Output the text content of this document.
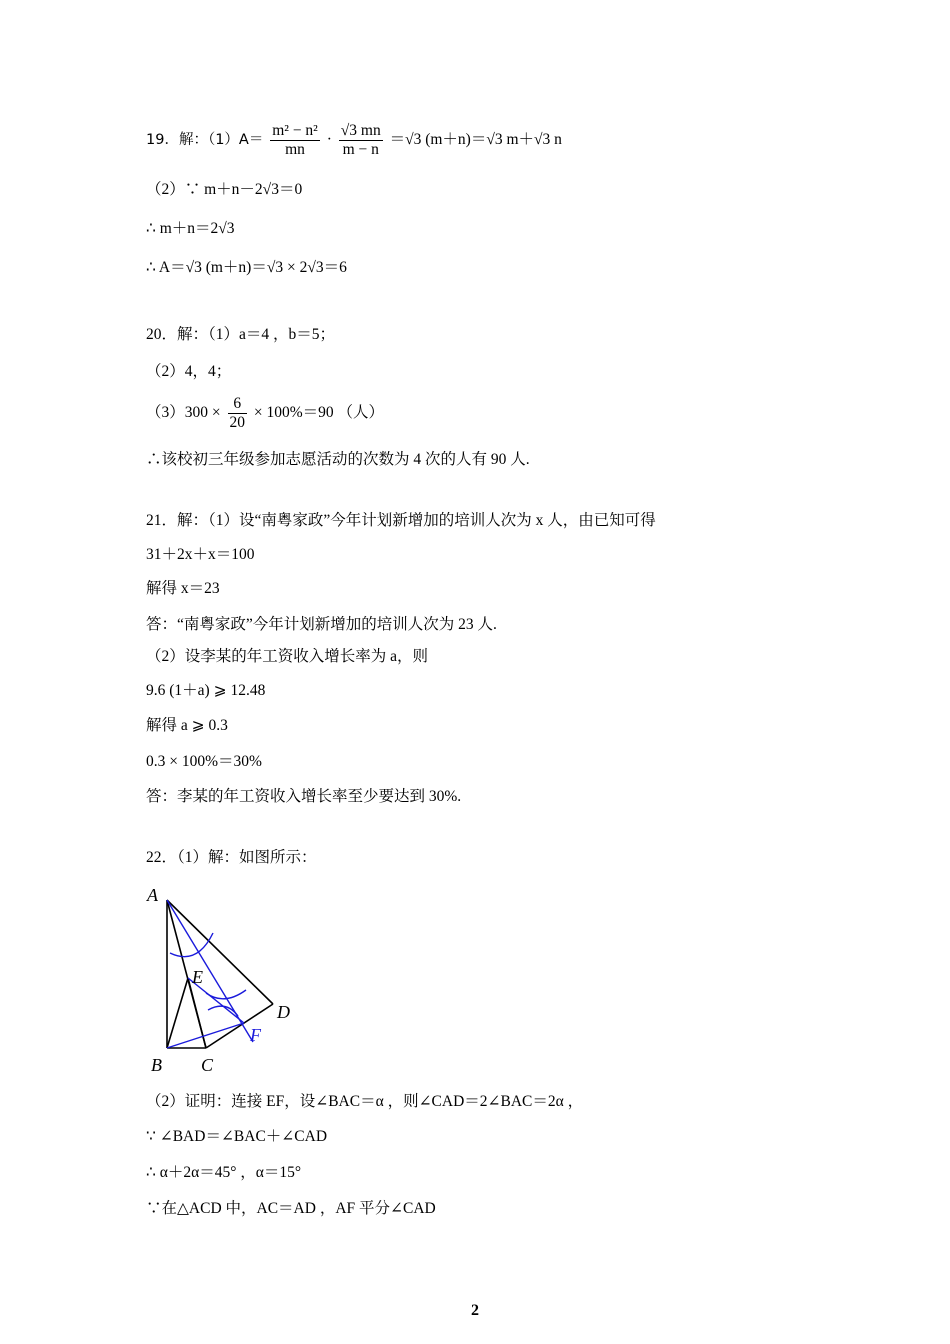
19．解：$(1)A= \frac{\text{m² − n²}}{mn} \cdot \frac{√3 mn}{m - n} =√3$ (m＋n)＝√3 m＋√3 n
（2）∵ m＋n－2√3＝0
∴ m＋n＝2√3
∴ A＝√3 (m＋n)＝√3 × 2√3＝6
20．解：（1）a＝4 ，b＝5；
（2）4，4；
$(3)300 \times \frac{6}{20} \times 100\%=90$ （人）
∴该校初三年级参加志愿活动的次数为 4 次的人有 90 人.
21．解：（1）设“南粤家政”今年计划新增加的培训人次为 x 人，由已知可得
31＋2x＋x＝100
解得 x＝23
答：“南粤家政”今年计划新增加的培训人次为 23 人.
（2）设李某的年工资收入增长率为 a，则
9.6 (1＋a) ⩾ 12.48
解得 a ⩾ 0.3
0.3 × 100%＝30%
答：李某的年工资收入增长率至少要达到 30%.
22．（1）解：如图所示：
A
B C
D
E
F
（2）证明：连接 EF，设∠BAC＝α ，则∠CAD＝2∠BAC＝2α ，
∵ ∠BAD＝∠BAC＋∠CAD
∴ α＋2α＝45° ，α＝15°
∵在△ACD 中，AC＝AD ，AF 平分∠CAD
2
